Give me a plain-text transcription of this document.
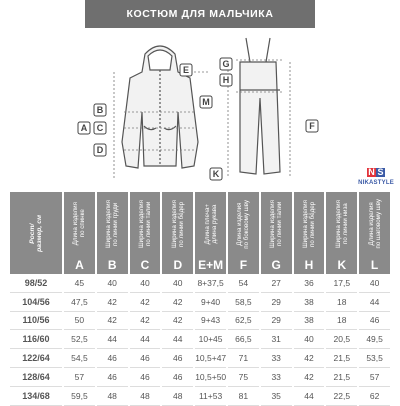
КОСТЮМ ДЛЯ МАЛЬЧИКА
B
A C
D
E
M
G
H
F
K	N S
NIKASTYLE
Рост/
размер, см	Длина изделия
по спинке	Ширина изделия
по линии груди	Ширина изделия
по линии талии	Ширина изделия
по линии бёдер	Длина плеча+
длина рукава	Длина изделия
по боковому шву	Ширина изделия
по линии талии	Ширина изделия
по линии бёдер	Ширина изделия
по линии низа	Длина изделия
по шаговому шву

	A	B	C	D	E+M	F	G	H	K	L
98/52	45	40	40	40	8+37,5	54	27	36	17,5	40
104/56	47,5	42	42	42	9+40	58,5	29	38	18	44
110/56	50	42	42	42	9+43	62,5	29	38	18	46
116/60	52,5	44	44	44	10+45	66,5	31	40	20,5	49,5
122/64	54,5	46	46	46	10,5+47	71	33	42	21,5	53,5
128/64	57	46	46	46	10,5+50	75	33	42	21,5	57
134/68	59,5	48	48	48	11+53	81	35	44	22,5	62
